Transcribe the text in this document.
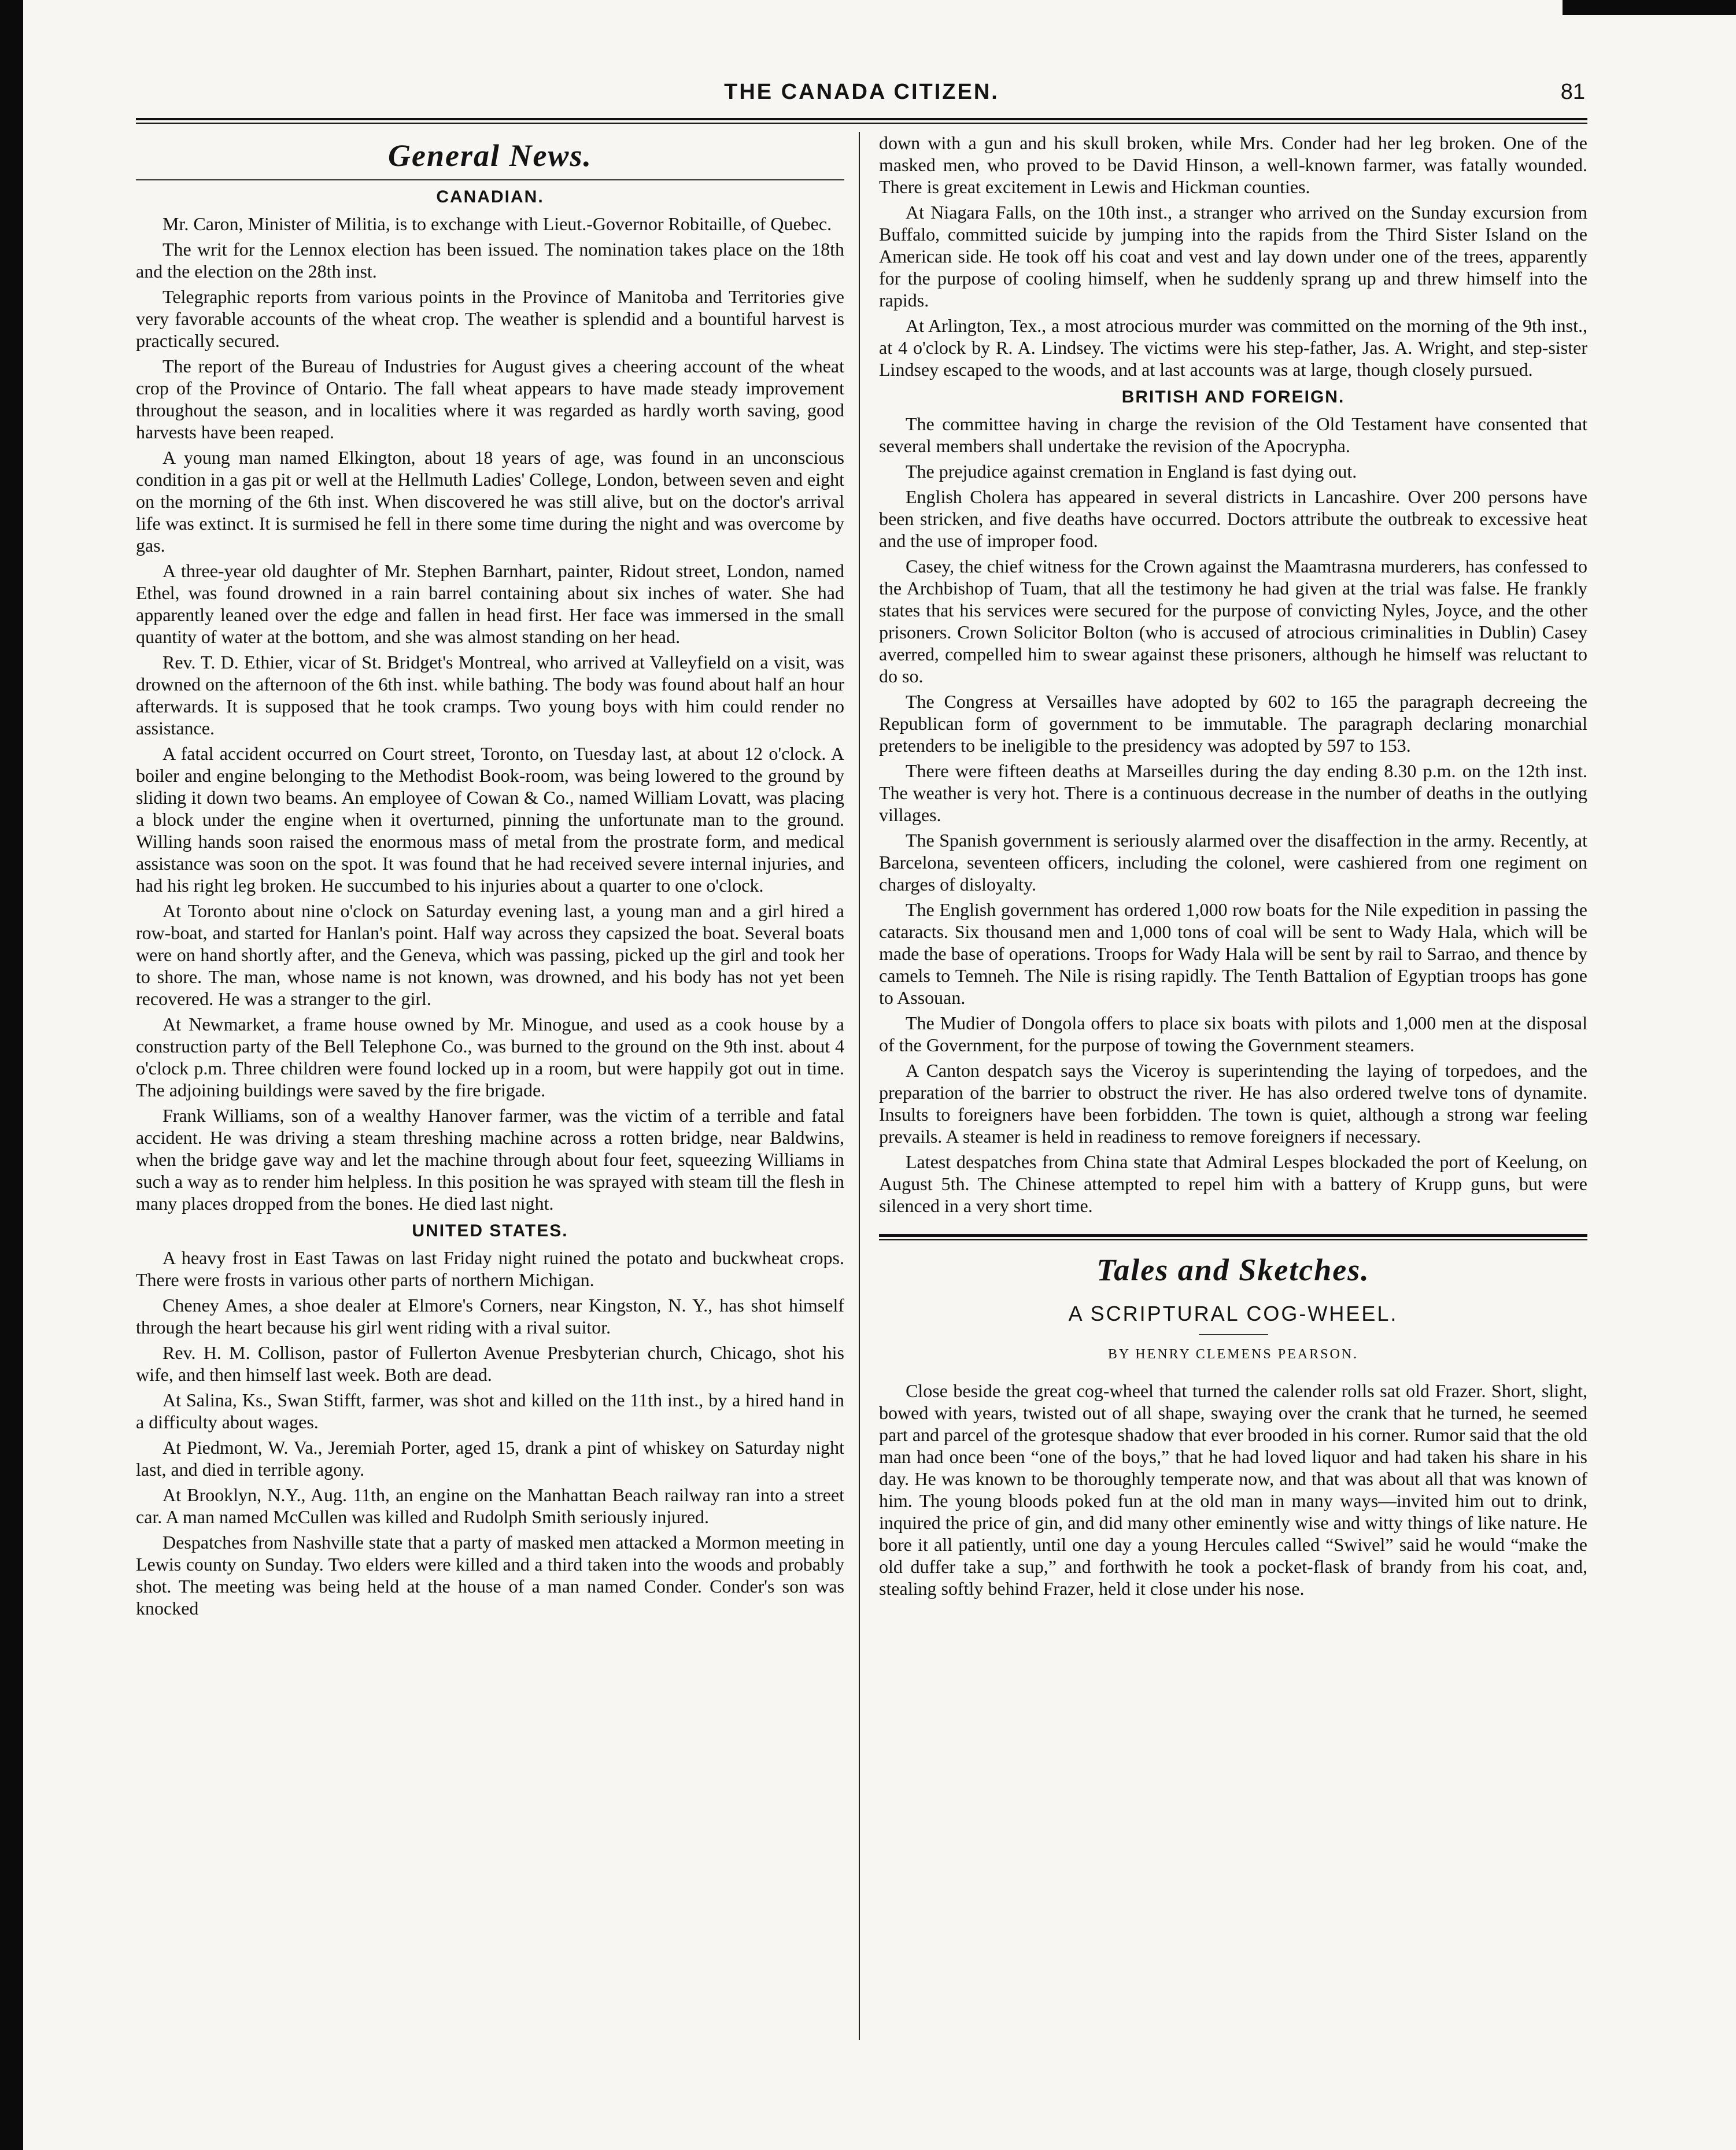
THE CANADA CITIZEN.	81
General News.
CANADIAN.

Mr. Caron, Minister of Militia, is to exchange with Lieut.-Governor Robitaille, of Quebec.

The writ for the Lennox election has been issued. The nomination takes place on the 18th and the election on the 28th inst.

Telegraphic reports from various points in the Province of Manitoba and Territories give very favorable accounts of the wheat crop. The weather is splendid and a bountiful harvest is practically secured.

The report of the Bureau of Industries for August gives a cheering account of the wheat crop of the Province of Ontario. The fall wheat appears to have made steady improvement throughout the season, and in localities where it was regarded as hardly worth saving, good harvests have been reaped.

A young man named Elkington, about 18 years of age, was found in an unconscious condition in a gas pit or well at the Hellmuth Ladies' College, London, between seven and eight on the morning of the 6th inst. When discovered he was still alive, but on the doctor's arrival life was extinct. It is surmised he fell in there some time during the night and was overcome by gas.

A three-year old daughter of Mr. Stephen Barnhart, painter, Ridout street, London, named Ethel, was found drowned in a rain barrel containing about six inches of water. She had apparently leaned over the edge and fallen in head first. Her face was immersed in the small quantity of water at the bottom, and she was almost standing on her head.

Rev. T. D. Ethier, vicar of St. Bridget's Montreal, who arrived at Valleyfield on a visit, was drowned on the afternoon of the 6th inst. while bathing. The body was found about half an hour afterwards. It is supposed that he took cramps. Two young boys with him could render no assistance.

A fatal accident occurred on Court street, Toronto, on Tuesday last, at about 12 o'clock. A boiler and engine belonging to the Methodist Book-room, was being lowered to the ground by sliding it down two beams. An employee of Cowan & Co., named William Lovatt, was placing a block under the engine when it overturned, pinning the unfortunate man to the ground. Willing hands soon raised the enormous mass of metal from the prostrate form, and medical assistance was soon on the spot. It was found that he had received severe internal injuries, and had his right leg broken. He succumbed to his injuries about a quarter to one o'clock.

At Toronto about nine o'clock on Saturday evening last, a young man and a girl hired a row-boat, and started for Hanlan's point. Half way across they capsized the boat. Several boats were on hand shortly after, and the Geneva, which was passing, picked up the girl and took her to shore. The man, whose name is not known, was drowned, and his body has not yet been recovered. He was a stranger to the girl.

At Newmarket, a frame house owned by Mr. Minogue, and used as a cook house by a construction party of the Bell Telephone Co., was burned to the ground on the 9th inst. about 4 o'clock p.m. Three children were found locked up in a room, but were happily got out in time. The adjoining buildings were saved by the fire brigade.

Frank Williams, son of a wealthy Hanover farmer, was the victim of a terrible and fatal accident. He was driving a steam threshing machine across a rotten bridge, near Baldwins, when the bridge gave way and let the machine through about four feet, squeezing Williams in such a way as to render him helpless. In this position he was sprayed with steam till the flesh in many places dropped from the bones. He died last night.

UNITED STATES.

A heavy frost in East Tawas on last Friday night ruined the potato and buckwheat crops. There were frosts in various other parts of northern Michigan.

Cheney Ames, a shoe dealer at Elmore's Corners, near Kingston, N. Y., has shot himself through the heart because his girl went riding with a rival suitor.

Rev. H. M. Collison, pastor of Fullerton Avenue Presbyterian church, Chicago, shot his wife, and then himself last week. Both are dead.

At Salina, Ks., Swan Stifft, farmer, was shot and killed on the 11th inst., by a hired hand in a difficulty about wages.

At Piedmont, W. Va., Jeremiah Porter, aged 15, drank a pint of whiskey on Saturday night last, and died in terrible agony.

At Brooklyn, N.Y., Aug. 11th, an engine on the Manhattan Beach railway ran into a street car. A man named McCullen was killed and Rudolph Smith seriously injured.

Despatches from Nashville state that a party of masked men attacked a Mormon meeting in Lewis county on Sunday. Two elders were killed and a third taken into the woods and probably shot. The meeting was being held at the house of a man named Conder. Conder's son was knocked

down with a gun and his skull broken, while Mrs. Conder had her leg broken. One of the masked men, who proved to be David Hinson, a well-known farmer, was fatally wounded. There is great excitement in Lewis and Hickman counties.

At Niagara Falls, on the 10th inst., a stranger who arrived on the Sunday excursion from Buffalo, committed suicide by jumping into the rapids from the Third Sister Island on the American side. He took off his coat and vest and lay down under one of the trees, apparently for the purpose of cooling himself, when he suddenly sprang up and threw himself into the rapids.

At Arlington, Tex., a most atrocious murder was committed on the morning of the 9th inst., at 4 o'clock by R. A. Lindsey. The victims were his step-father, Jas. A. Wright, and step-sister Lindsey escaped to the woods, and at last accounts was at large, though closely pursued.

BRITISH AND FOREIGN.

The committee having in charge the revision of the Old Testament have consented that several members shall undertake the revision of the Apocrypha.

The prejudice against cremation in England is fast dying out.

English Cholera has appeared in several districts in Lancashire. Over 200 persons have been stricken, and five deaths have occurred. Doctors attribute the outbreak to excessive heat and the use of improper food.

Casey, the chief witness for the Crown against the Maamtrasna murderers, has confessed to the Archbishop of Tuam, that all the testimony he had given at the trial was false. He frankly states that his services were secured for the purpose of convicting Nyles, Joyce, and the other prisoners. Crown Solicitor Bolton (who is accused of atrocious criminalities in Dublin) Casey averred, compelled him to swear against these prisoners, although he himself was reluctant to do so.

The Congress at Versailles have adopted by 602 to 165 the paragraph decreeing the Republican form of government to be immutable. The paragraph declaring monarchial pretenders to be ineligible to the presidency was adopted by 597 to 153.

There were fifteen deaths at Marseilles during the day ending 8.30 p.m. on the 12th inst. The weather is very hot. There is a continuous decrease in the number of deaths in the outlying villages.

The Spanish government is seriously alarmed over the disaffection in the army. Recently, at Barcelona, seventeen officers, including the colonel, were cashiered from one regiment on charges of disloyalty.

The English government has ordered 1,000 row boats for the Nile expedition in passing the cataracts. Six thousand men and 1,000 tons of coal will be sent to Wady Hala, which will be made the base of operations. Troops for Wady Hala will be sent by rail to Sarrao, and thence by camels to Temneh. The Nile is rising rapidly. The Tenth Battalion of Egyptian troops has gone to Assouan.

The Mudier of Dongola offers to place six boats with pilots and 1,000 men at the disposal of the Government, for the purpose of towing the Government steamers.

A Canton despatch says the Viceroy is superintending the laying of torpedoes, and the preparation of the barrier to obstruct the river. He has also ordered twelve tons of dynamite. Insults to foreigners have been forbidden. The town is quiet, although a strong war feeling prevails. A steamer is held in readiness to remove foreigners if necessary.

Latest despatches from China state that Admiral Lespes blockaded the port of Keelung, on August 5th. The Chinese attempted to repel him with a battery of Krupp guns, but were silenced in a very short time.

Tales and Sketches.
A SCRIPTURAL COG-WHEEL.
BY HENRY CLEMENS PEARSON.

Close beside the great cog-wheel that turned the calender rolls sat old Frazer. Short, slight, bowed with years, twisted out of all shape, swaying over the crank that he turned, he seemed part and parcel of the grotesque shadow that ever brooded in his corner. Rumor said that the old man had once been “one of the boys,” that he had loved liquor and had taken his share in his day. He was known to be thoroughly temperate now, and that was about all that was known of him. The young bloods poked fun at the old man in many ways—invited him out to drink, inquired the price of gin, and did many other eminently wise and witty things of like nature. He bore it all patiently, until one day a young Hercules called “Swivel” said he would “make the old duffer take a sup,” and forthwith he took a pocket-flask of brandy from his coat, and, stealing softly behind Frazer, held it close under his nose.
